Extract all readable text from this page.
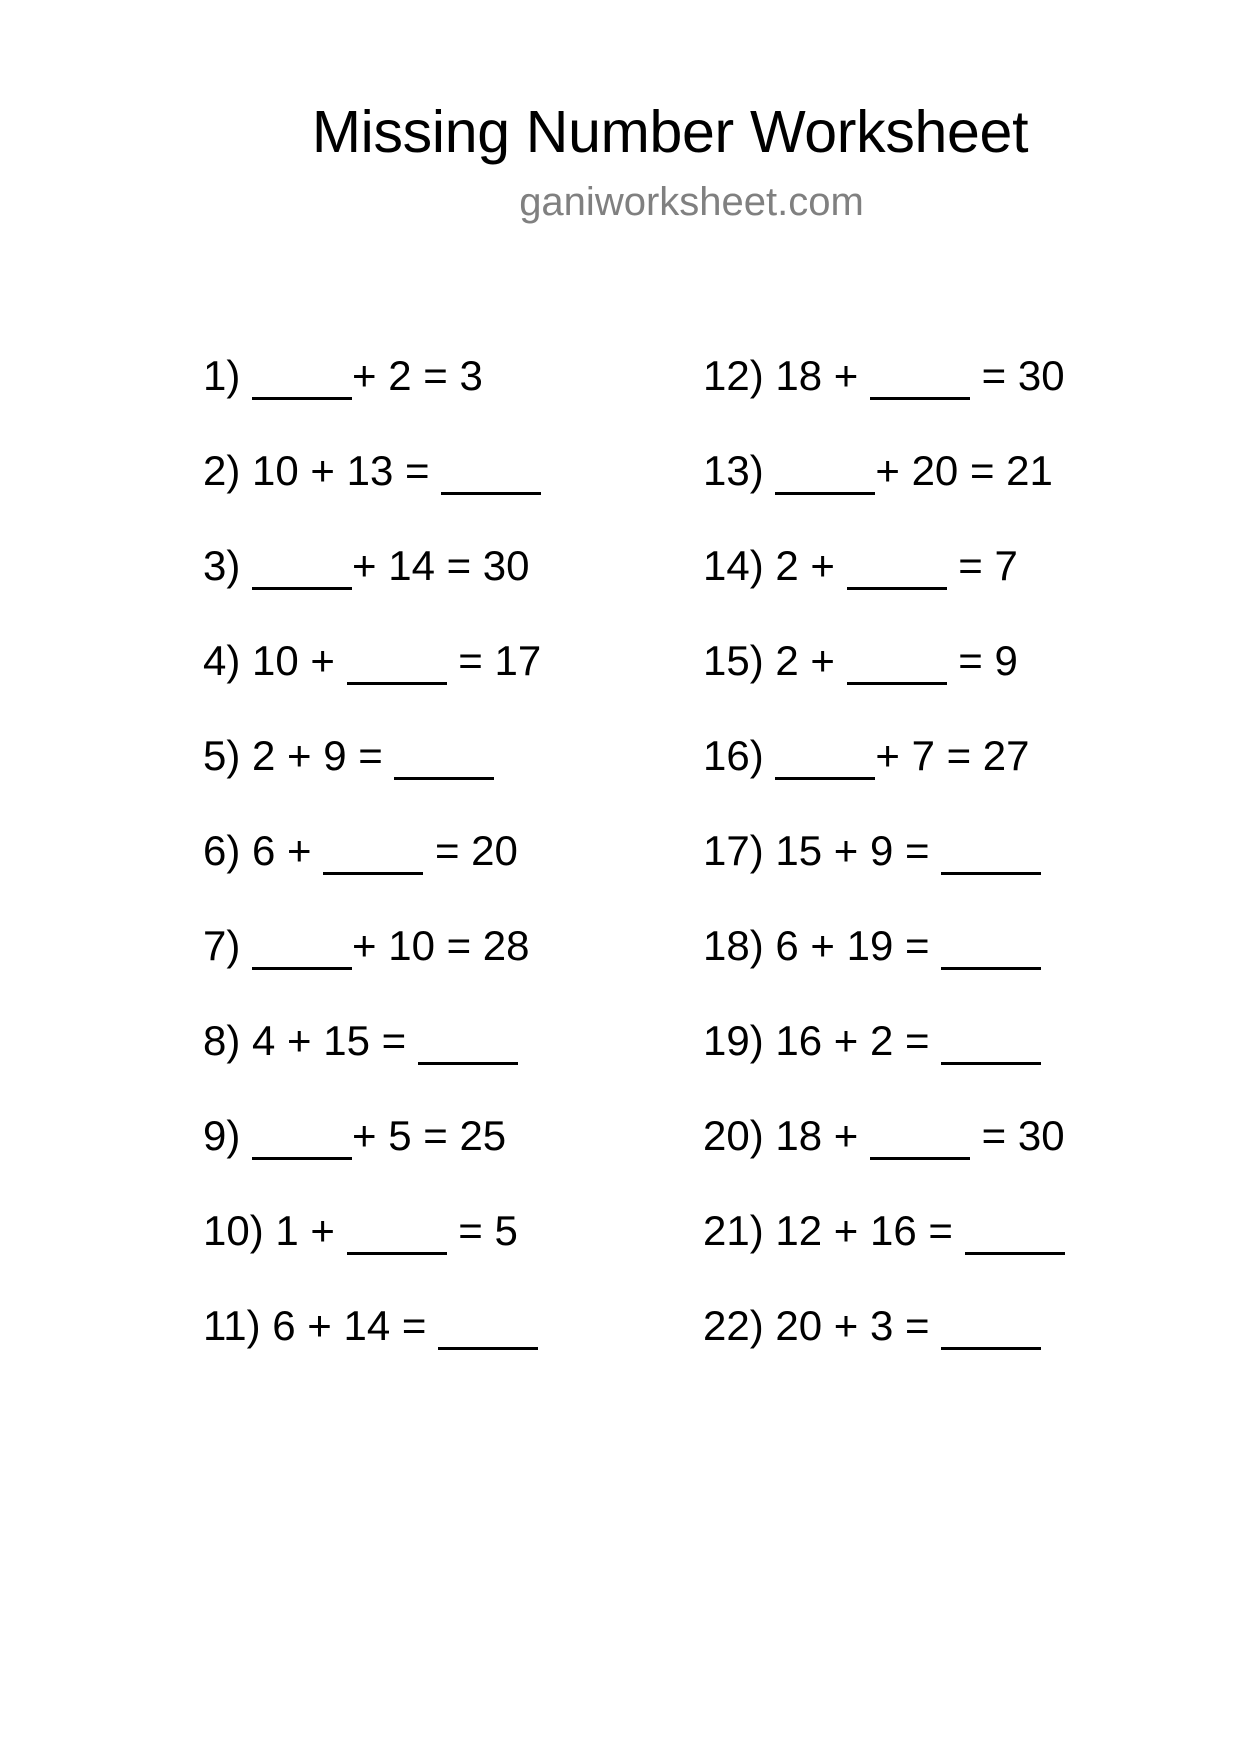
Missing Number Worksheet
ganiworksheet.com
1)	+ 2 = 3
2) 10 + 13 =
3)	+ 14 = 30
4) 10 +	= 17
5) 2 + 9 =
6) 6 +	= 20
7)	+ 10 = 28
8) 4 + 15 =
9)	+ 5 = 25
10) 1 +	= 5
11) 6 + 14 =
12) 18 +	= 30
13)	+ 20 = 21
14) 2 +	= 7
15) 2 +	= 9
16)	+ 7 = 27
17) 15 + 9 =
18) 6 + 19 =
19) 16 + 2 =
20) 18 +	= 30
21) 12 + 16 =
22) 20 + 3 =
